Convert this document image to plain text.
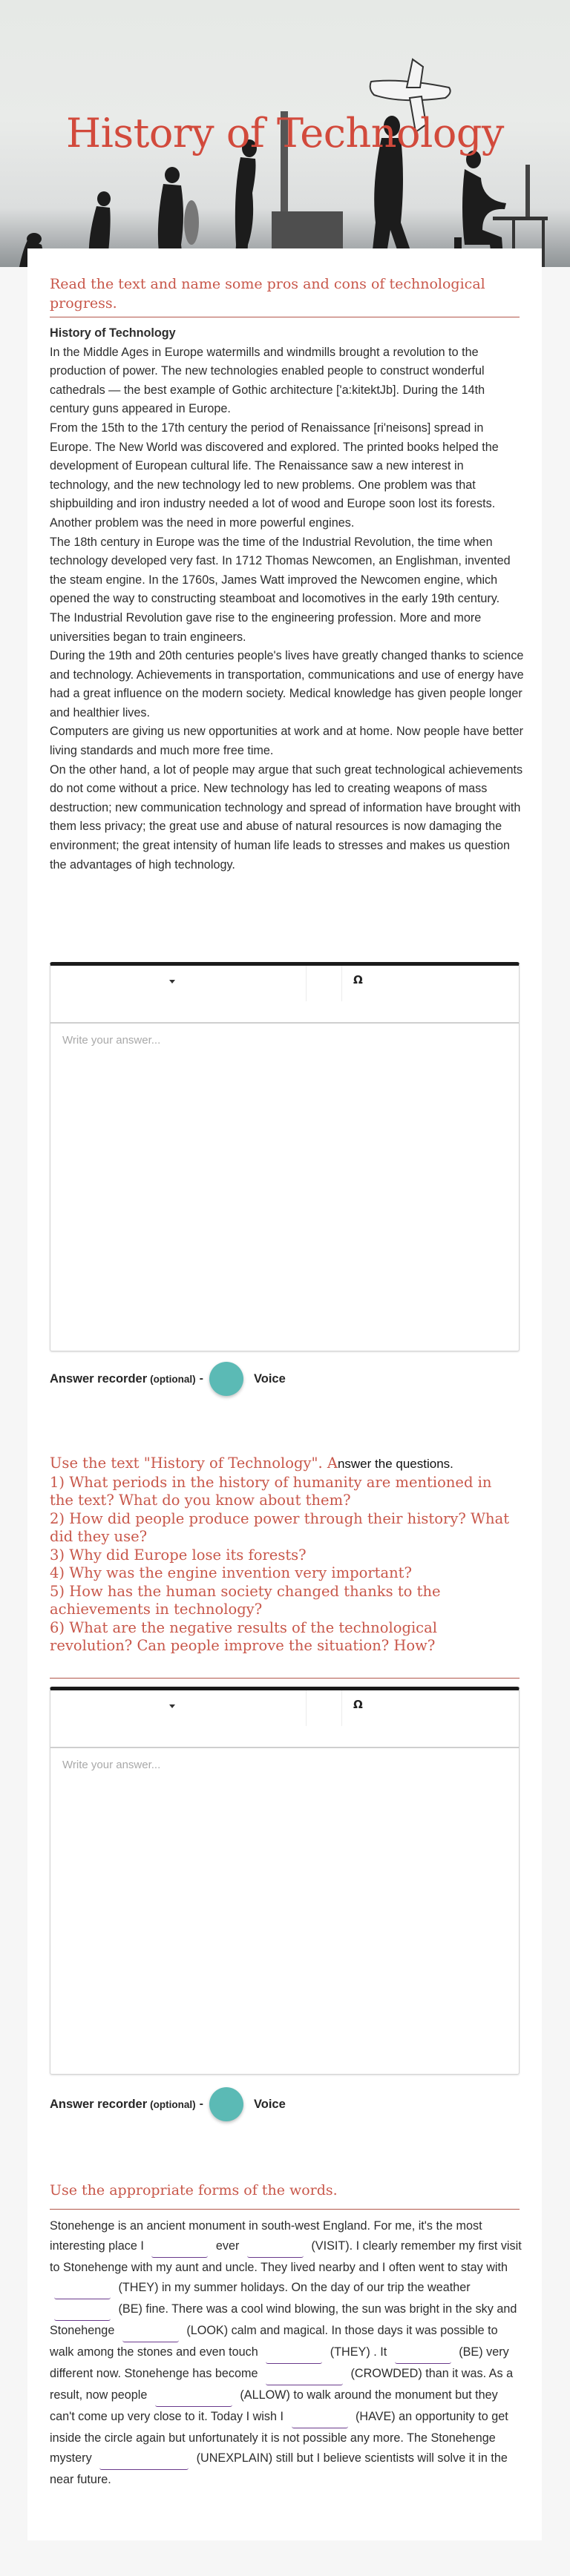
History of Technology
Read the text and name some pros and cons of technological progress.

History of Technology

In the Middle Ages in Europe watermills and windmills brought a revolution to the production of power. The new technologies enabled people to construct wonderful cathedrals — the best example of Gothic architecture ['a:kitektJb]. During the 14th century guns appeared in Europe.

From the 15th to the 17th century the period of Renaissance [ri'neisons] spread in Europe. The New World was discovered and explored. The printed books helped the development of European cultural life. The Renaissance saw a new interest in technology, and the new technology led to new problems. One problem was that shipbuilding and iron industry needed a lot of wood and Europe soon lost its forests. Another problem was the need in more powerful engines.

The 18th century in Europe was the time of the Industrial Revolution, the time when technology developed very fast. In 1712 Thomas Newcomen, an Englishman, invented the steam engine. In the 1760s, James Watt improved the Newcomen engine, which opened the way to constructing steamboat and locomotives in the early 19th century.

The Industrial Revolution gave rise to the engineering profession. More and more universities began to train engineers.

During the 19th and 20th centuries people's lives have greatly changed thanks to science and technology. Achievements in transportation, communications and use of energy have had a great influence on the modern society. Medical knowledge has given people longer and healthier lives.

Computers are giving us new opportunities at work and at home. Now people have better living standards and much more free time.

On the other hand, a lot of people may argue that such great technological achievements do not come without a price. New technology has led to creating weapons of mass destruction; new communication technology and spread of information have brought with them less privacy; the great use and abuse of natural resources is now damaging the environment; the great intensity of human life leads to stresses and makes us question the advantages of high technology.

Ω
Write your answer...
Answer recorder (optional) -	Voice
Use the text "History of Technology". Answer the questions.
1) What periods in the history of humanity are mentioned in the text? What do you know about them?
2) How did people produce power through their history? What did they use?
3) Why did Europe lose its forests?
4) Why was the engine invention very important?
5) How has the human society changed thanks to the achievements in technology?
6) What are the negative results of the technological revolution? Can people improve the situation? How?
Ω
Write your answer...
Answer recorder (optional) -	Voice
Use the appropriate forms of the words.
Stonehenge is an ancient monument in south-west England. For me, it's the most interesting place I	ever	(VISIT). I clearly remember my first visit to Stonehenge with my aunt and uncle. They lived nearby and I often went to stay with  (THEY) in my summer holidays. On the day of our trip the weather  (BE) fine. There was a cool wind blowing, the sun was bright in the sky and Stonehenge	(LOOK) calm and magical. In those days it was possible to walk among the stones and even touch	(THEY) . It	(BE) very different now. Stonehenge has become	(CROWDED) than it was. As a result, now people	(ALLOW) to walk around the monument but they can't come up very close to it. Today I wish I	(HAVE) an opportunity to get inside the circle again but unfortunately it is not possible any more. The Stonehenge mystery	(UNEXPLAIN) still but I believe scientists will solve it in the near future.
